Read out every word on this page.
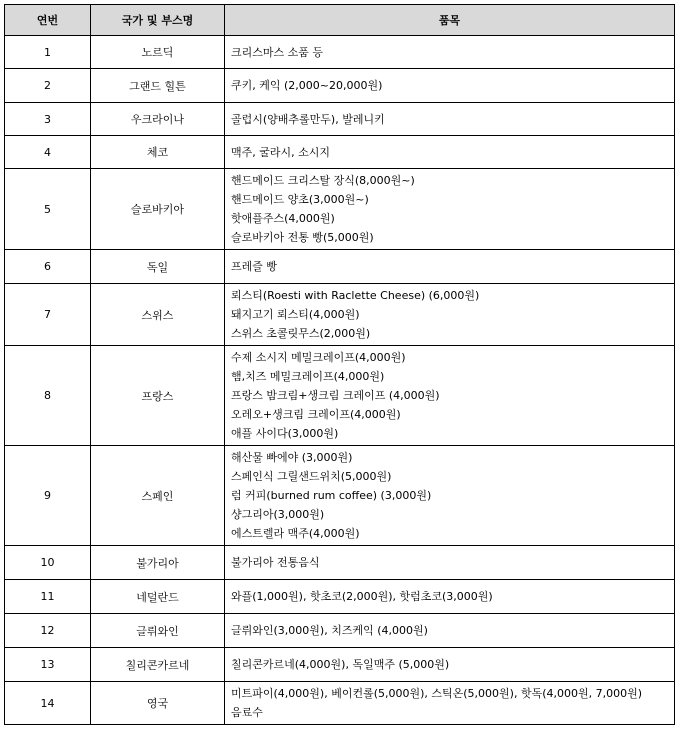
연번	국가 및 부스명	품목
1	노르딕	크리스마스 소품 등

2	그랜드 힐튼	쿠키, 케익 (2,000~20,000원)

3	우크라이나	골럽시(양배추롤만두), 발레니키

4	체코	맥주, 굴라시, 소시지

5	슬로바키아	핸드메이드 크리스탈 장식(8,000원~)
핸드메이드 양초(3,000원~)
핫애플주스(4,000원)
슬로바키아 전통 빵(5,000원)

6	독일	프레즐 빵

7	스위스	뢰스티(Roesti with Raclette Cheese) (6,000원)
돼지고기 뢰스티(4,000원)
스위스 초콜릿무스(2,000원)

8	프랑스	수제 소시지 메밀크레이프(4,000원)
햄,치즈 메밀크레이프(4,000원)
프랑스 밤크림+생크림 크레이프 (4,000원)
오레오+생크림 크레이프(4,000원)
애플 사이다(3,000원)

9	스페인	해산물 빠에야 (3,000원)
스페인식 그릴샌드위치(5,000원)
럼 커피(burned rum coffee) (3,000원)
샹그리아(3,000원)
에스트렐라 맥주(4,000원)

10	불가리아	불가리아 전통음식

11	네덜란드	와플(1,000원), 핫초코(2,000원), 핫럼초코(3,000원)

12	글뤼와인	글뤼와인(3,000원), 치즈케익 (4,000원)

13	칠리콘카르네	칠리콘카르네(4,000원), 독일맥주 (5,000원)

14	영국	미트파이(4,000원), 베이컨롤(5,000원), 스틱온(5,000원), 핫독(4,000원, 7,000원)
음료수
